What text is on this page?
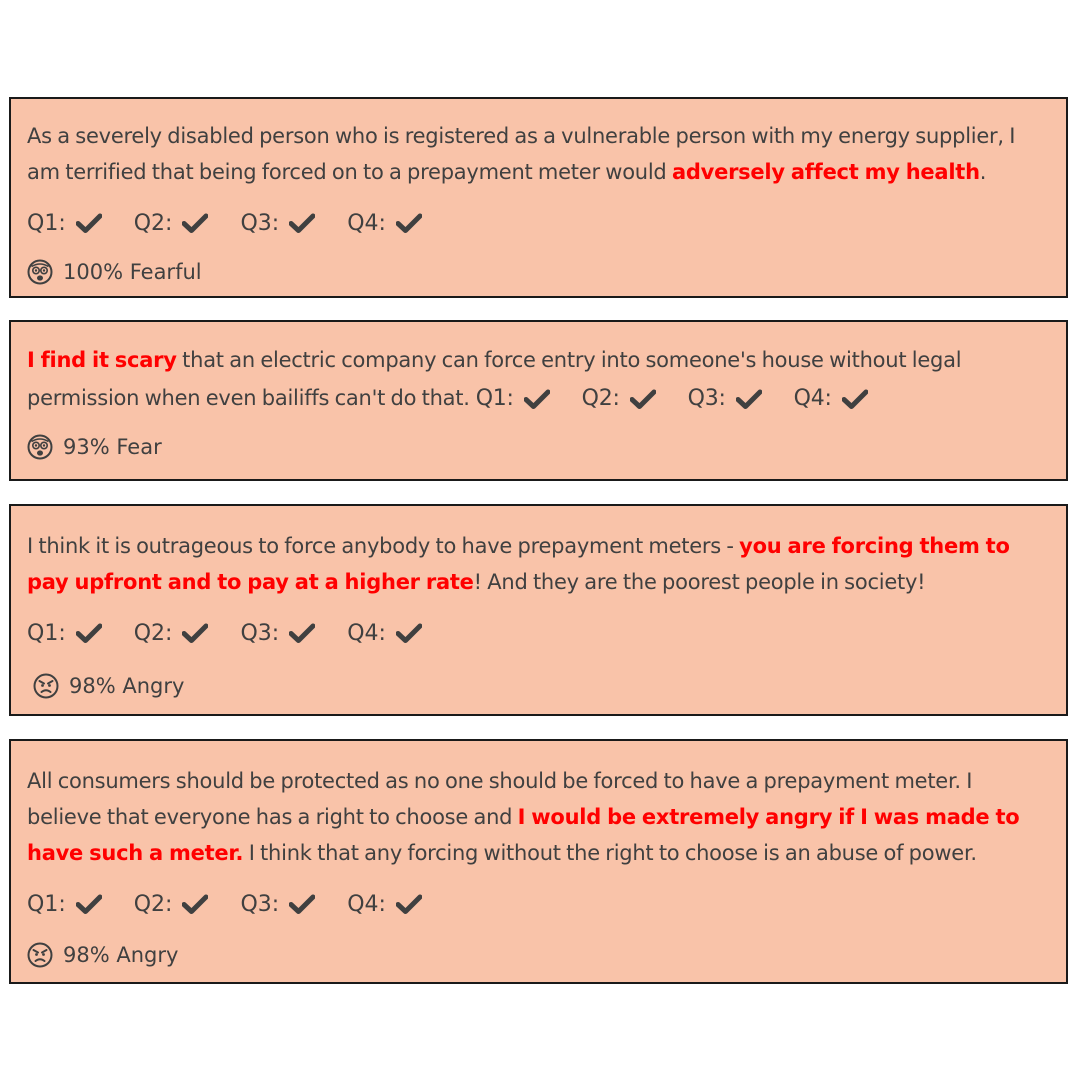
As a severely disabled person who is registered as a vulnerable person with my energy supplier, I
am terrified that being forced on to a prepayment meter would adversely affect my health.
Q1:	Q2:	Q3:	Q4:
100% Fearful
I find it scary that an electric company can force entry into someone's house without legal
permission when even bailiffs can't do that. Q1:	Q2:	Q3:	Q4:
93% Fear
I think it is outrageous to force anybody to have prepayment meters - you are forcing them to
pay upfront and to pay at a higher rate! And they are the poorest people in society!
Q1:	Q2:	Q3:	Q4:
98% Angry
All consumers should be protected as no one should be forced to have a prepayment meter. I
believe that everyone has a right to choose and I would be extremely angry if I was made to
have such a meter. I think that any forcing without the right to choose is an abuse of power.
Q1:	Q2:	Q3:	Q4:
98% Angry
